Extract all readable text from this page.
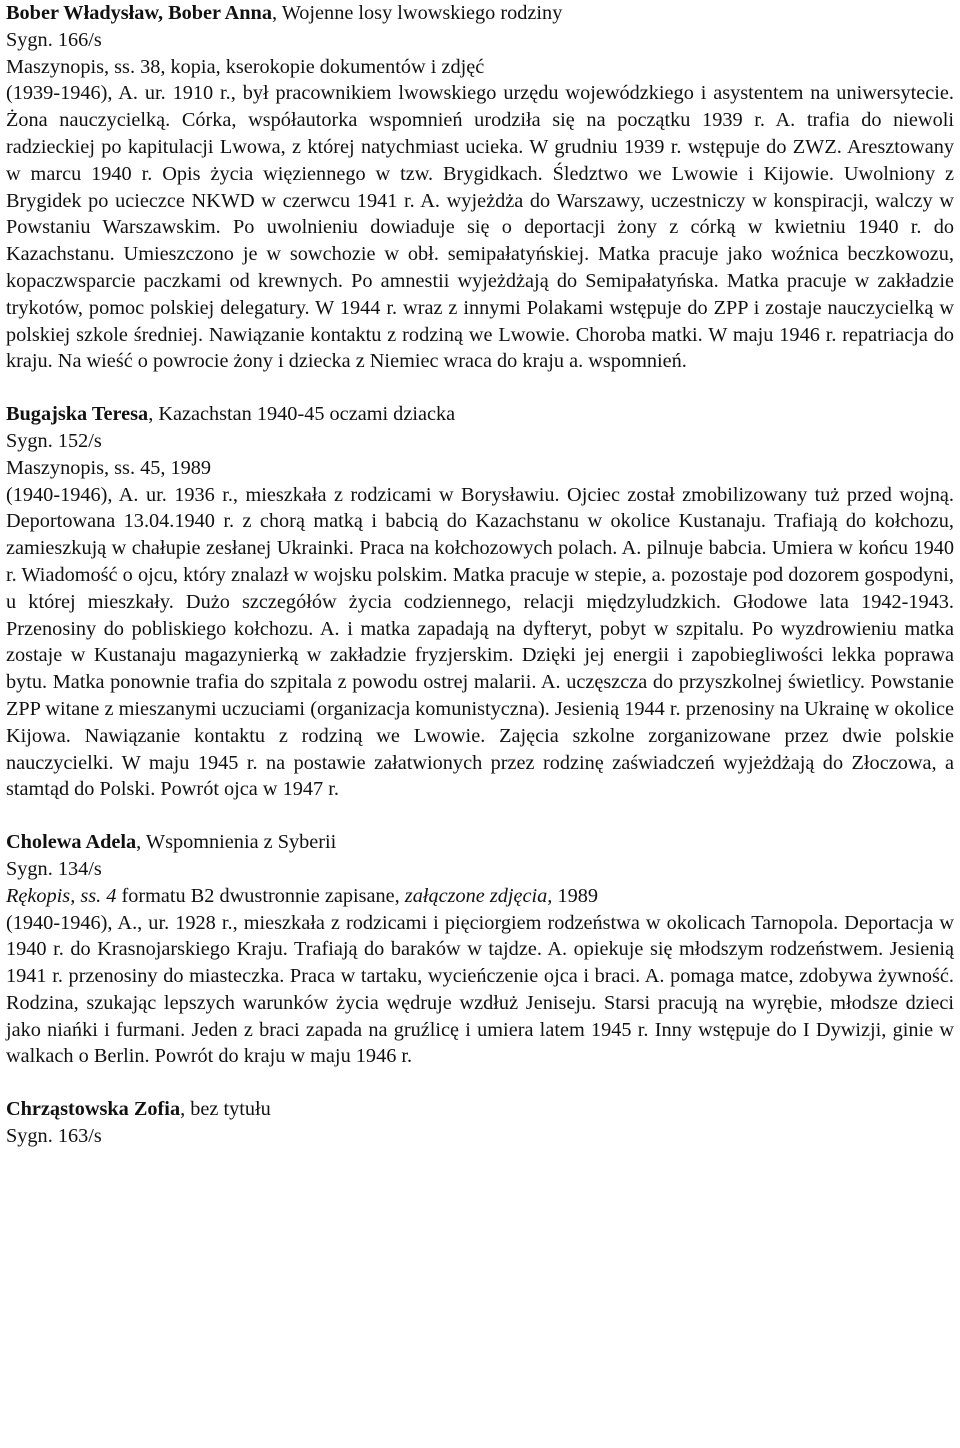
Bober Władysław, Bober Anna, Wojenne losy lwowskiego rodziny

Sygn. 166/s

Maszynopis, ss. 38, kopia, kserokopie dokumentów i zdjęć

(1939-1946), A. ur. 1910 r., był pracownikiem lwowskiego urzędu wojewódzkiego i asystentem na uniwersytecie. Żona nauczycielką. Córka, współautorka wspomnień urodziła się na początku 1939 r. A. trafia do niewoli radzieckiej po kapitulacji Lwowa, z której natychmiast ucieka. W grudniu 1939 r. wstępuje do ZWZ. Aresztowany w marcu 1940 r. Opis życia więziennego w tzw. Brygidkach. Śledztwo we Lwowie i Kijowie. Uwolniony z Brygidek po ucieczce NKWD w czerwcu 1941 r. A. wyjeżdża do Warszawy, uczestniczy w konspiracji, walczy w Powstaniu Warszawskim. Po uwolnieniu dowiaduje się o deportacji żony z córką w kwietniu 1940 r. do Kazachstanu. Umieszczono je w sowchozie w obł. semipałatyńskiej. Matka pracuje jako woźnica beczkowozu, kopaczwsparcie paczkami od krewnych. Po amnestii wyjeżdżają do Semipałatyńska. Matka pracuje w zakładzie trykotów, pomoc polskiej delegatury. W 1944 r. wraz z innymi Polakami wstępuje do ZPP i zostaje nauczycielką w polskiej szkole średniej. Nawiązanie kontaktu z rodziną we Lwowie. Choroba matki. W maju 1946 r. repatriacja do kraju. Na wieść o powrocie żony i dziecka z Niemiec wraca do kraju a. wspomnień.

Bugajska Teresa, Kazachstan 1940-45 oczami dziacka

Sygn. 152/s

Maszynopis, ss. 45, 1989

(1940-1946), A. ur. 1936 r., mieszkała z rodzicami w Borysławiu. Ojciec został zmobilizowany tuż przed wojną. Deportowana 13.04.1940 r. z chorą matką i babcią do Kazachstanu w okolice Kustanaju. Trafiają do kołchozu, zamieszkują w chałupie zesłanej Ukrainki. Praca na kołchozowych polach. A. pilnuje babcia. Umiera w końcu 1940 r. Wiadomość o ojcu, który znalazł w wojsku polskim. Matka pracuje w stepie, a. pozostaje pod dozorem gospodyni, u której mieszkały. Dużo szczegółów życia codziennego, relacji międzyludzkich. Głodowe lata 1942-1943. Przenosiny do pobliskiego kołchozu. A. i matka zapadają na dyfteryt, pobyt w szpitalu. Po wyzdrowieniu matka zostaje w Kustanaju magazynierką w zakładzie fryzjerskim. Dzięki jej energii i zapobiegliwości lekka poprawa bytu. Matka ponownie trafia do szpitala z powodu ostrej malarii. A. uczęszcza do przyszkolnej świetlicy. Powstanie ZPP witane z mieszanymi uczuciami (organizacja komunistyczna). Jesienią 1944 r. przenosiny na Ukrainę w okolice Kijowa. Nawiązanie kontaktu z rodziną we Lwowie. Zajęcia szkolne zorganizowane przez dwie polskie nauczycielki. W maju 1945 r. na postawie załatwionych przez rodzinę zaświadczeń wyjeżdżają do Złoczowa, a stamtąd do Polski. Powrót ojca w 1947 r.

Cholewa Adela, Wspomnienia z Syberii

Sygn. 134/s

Rękopis, ss. 4 formatu B2 dwustronnie zapisane, załączone zdjęcia, 1989

(1940-1946), A., ur. 1928 r., mieszkała z rodzicami i pięciorgiem rodzeństwa w okolicach Tarnopola. Deportacja w 1940 r. do Krasnojarskiego Kraju. Trafiają do baraków w tajdze. A. opiekuje się młodszym rodzeństwem. Jesienią 1941 r. przenosiny do miasteczka. Praca w tartaku, wycieńczenie ojca i braci. A. pomaga matce, zdobywa żywność. Rodzina, szukając lepszych warunków życia wędruje wzdłuż Jeniseju. Starsi pracują na wyrębie, młodsze dzieci jako niańki i furmani. Jeden z braci zapada na gruźlicę i umiera latem 1945 r. Inny wstępuje do I Dywizji, ginie w walkach o Berlin. Powrót do kraju w maju 1946 r.

Chrząstowska Zofia, bez tytułu

Sygn. 163/s
